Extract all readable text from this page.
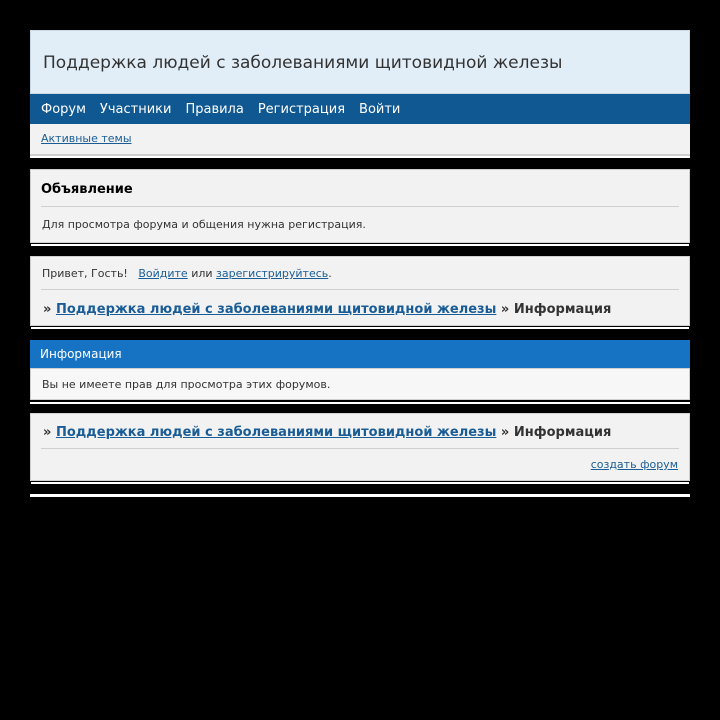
Поддержка людей с заболеваниями щитовидной железы
Форум	Участники	Правила	Регистрация	Войти
Активные темы
Объявление
Для просмотра форума и общения нужна регистрация.
Привет, Гость! Войдите или зарегистрируйтесь.
» Поддержка людей с заболеваниями щитовидной железы » Информация
Информация
Вы не имеете прав для просмотра этих форумов.
» Поддержка людей с заболеваниями щитовидной железы » Информация
создать форум
